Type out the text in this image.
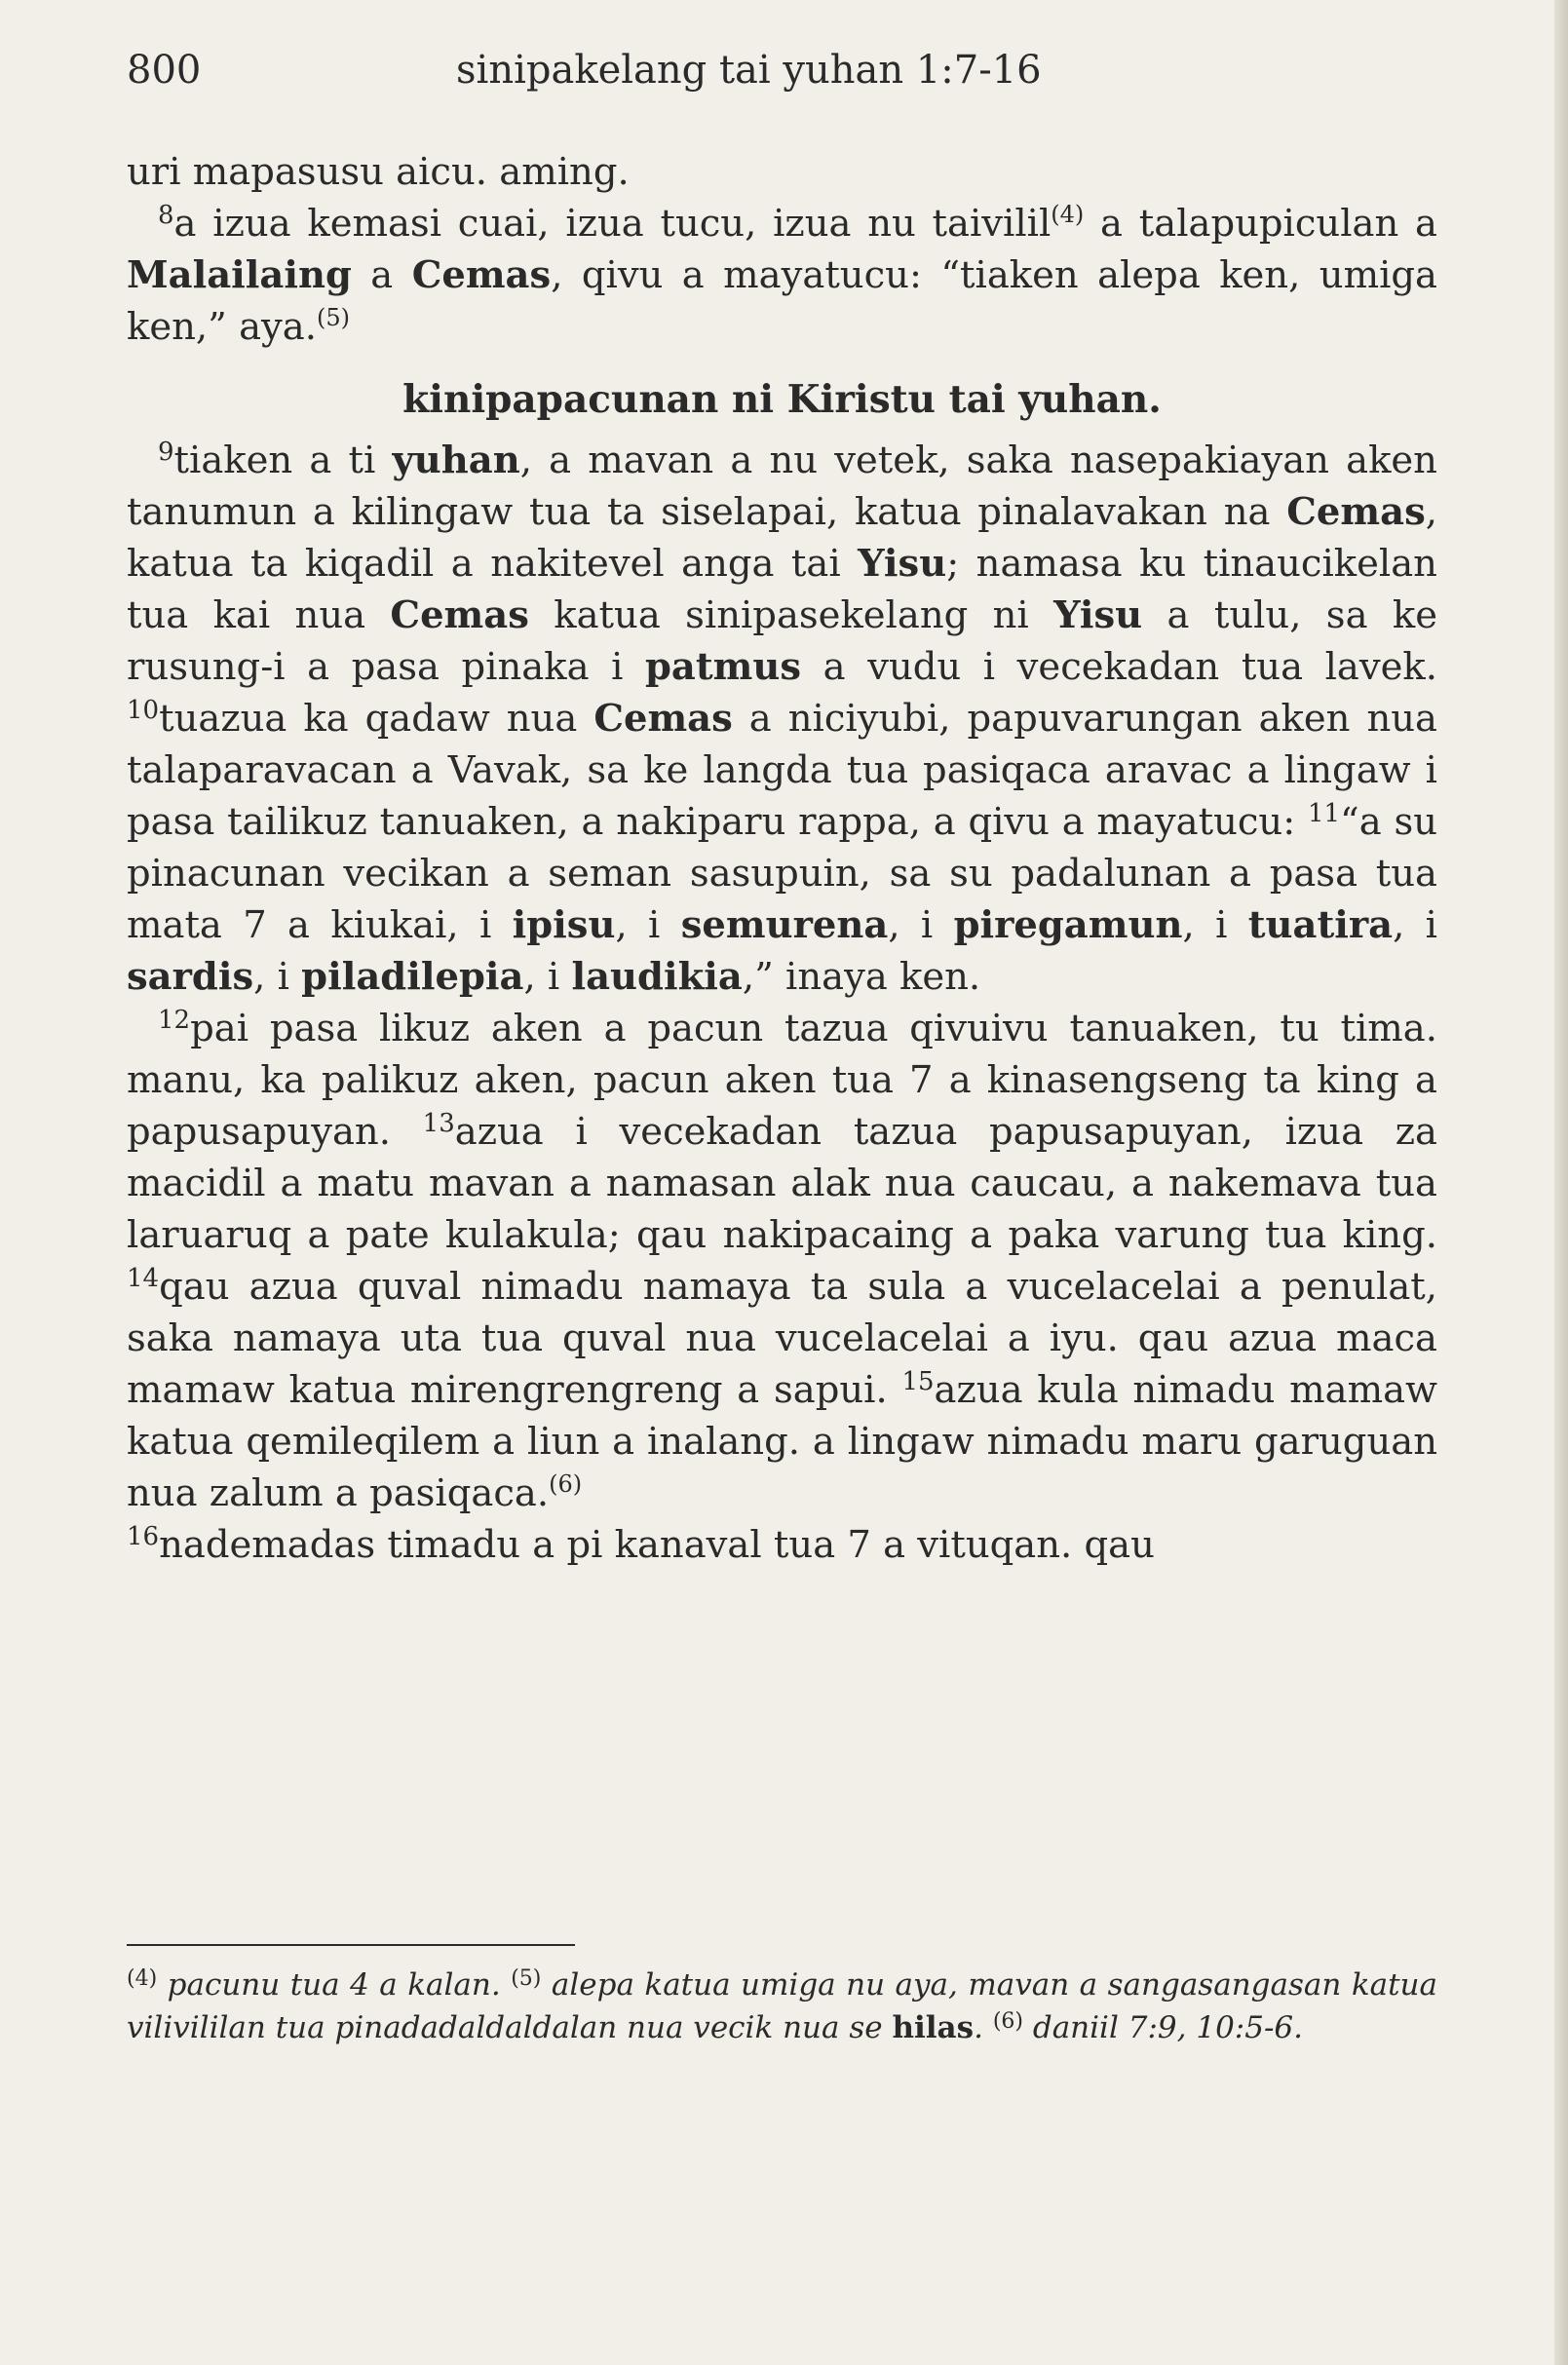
800	sinipakelang tai yuhan 1:7-16

uri mapasusu aicu. aming.

$^8$a izua kemasi cuai, izua tucu, izua nu taivilil$^{(4)}$ a talapupiculan a Malailaing a Cemas, qivu a mayatucu: “tiaken alepa ken, umiga ken,” aya.$^{(5)}$

kinipapacunan ni Kiristu tai yuhan.

$^9$tiaken a ti yuhan, a mavan a nu vetek, saka nasepakiayan aken tanumun a kilingaw tua ta siselapai, katua pinalavakan na Cemas, katua ta kiqadil a nakitevel anga tai Yisu; namasa ku tinaucikelan tua kai nua Cemas katua sinipasekelang ni Yisu a tulu, sa ke rusung-i a pasa pinaka i patmus a vudu i vecekadan tua lavek. $^{10}$tuazua ka qadaw nua Cemas a niciyubi, papuvarungan aken nua talaparavacan a Vavak, sa ke langda tua pasiqaca aravac a lingaw i pasa tailikuz tanuaken, a nakiparu rappa, a qivu a mayatucu: $^{11}$“a su pinacunan vecikan a seman sasupuin, sa su padalunan a pasa tua mata 7 a kiukai, i ipisu, i semurena, i piregamun, i tuatira, i sardis, i piladilepia, i laudikia,” inaya ken.

$^{12}$pai pasa likuz aken a pacun tazua qivuivu tanuaken, tu tima. manu, ka palikuz aken, pacun aken tua 7 a kinasengseng ta king a papusapuyan. $^{13}$azua i vecekadan tazua papusapuyan, izua za macidil a matu mavan a namasan alak nua caucau, a nakemava tua laruaruq a pate kulakula; qau nakipacaing a paka varung tua king. $^{14}$qau azua quval nimadu namaya ta sula a vucelacelai a penulat, saka namaya uta tua quval nua vucelacelai a iyu. qau azua maca mamaw katua mirengrengreng a sapui. $^{15}$azua kula nimadu mamaw katua qemileqilem a liun a inalang. a lingaw nimadu maru garuguan nua zalum a pasiqaca.$^{(6)}$
$^{16}$nademadas timadu a pi kanaval tua 7 a vituqan. qau

$^{(4)}$ pacunu tua 4 a kalan. $^{(5)}$ alepa katua umiga nu aya, mavan a sangasangasan katua vilivililan tua pinadadaldaldalan nua vecik nua se hilas. $^{(6)}$ daniil 7:9, 10:5-6.
